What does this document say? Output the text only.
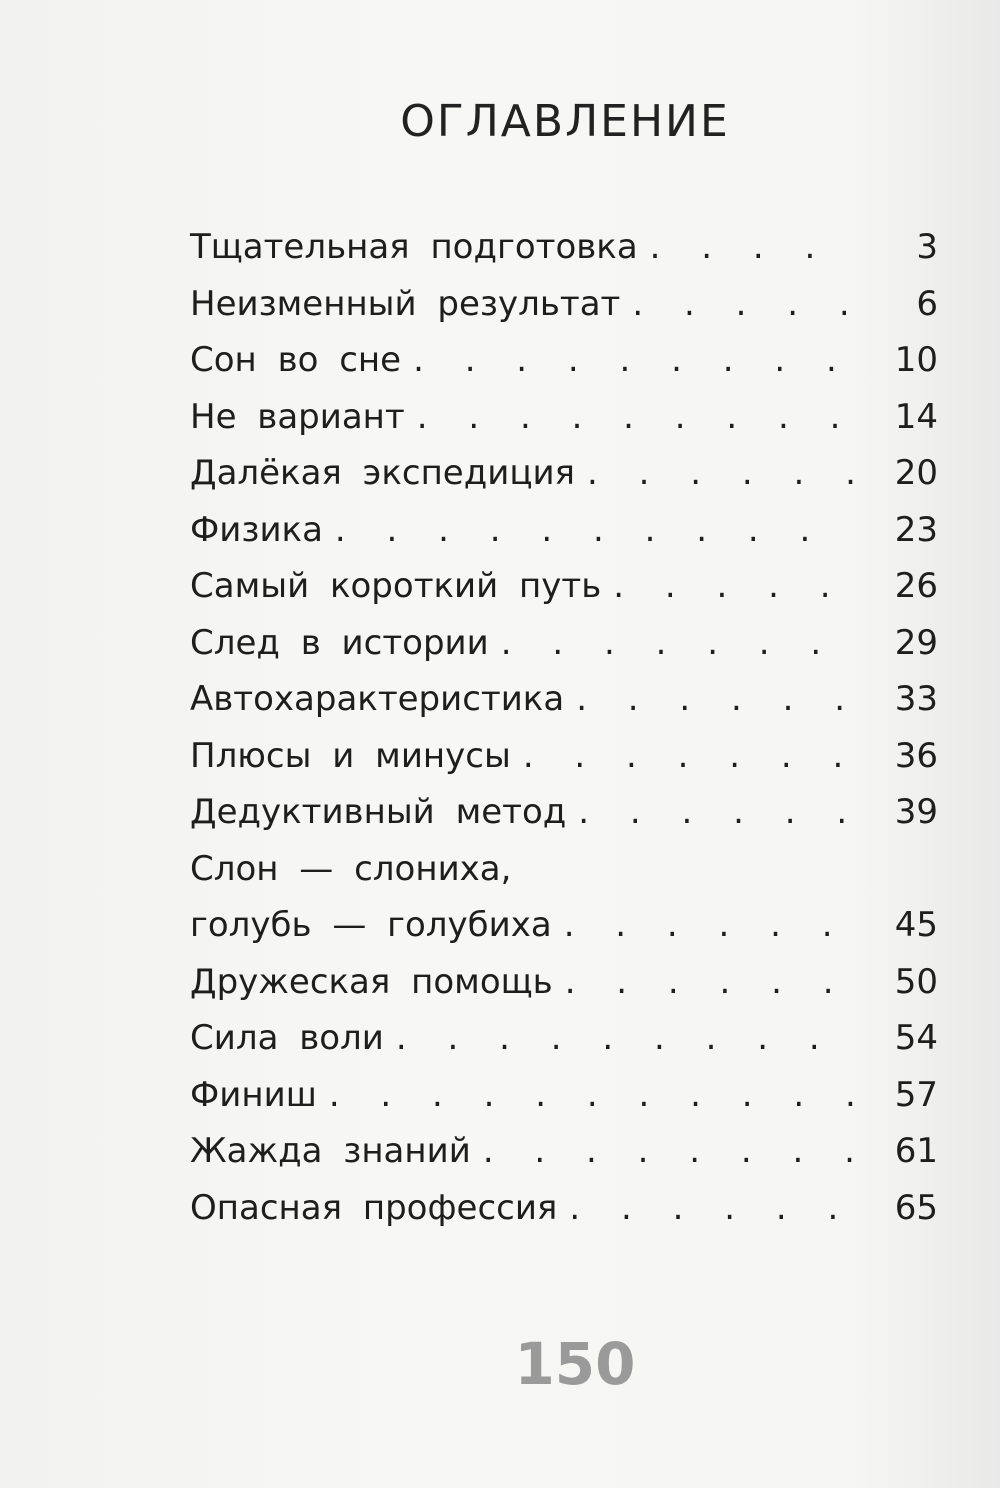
ОГЛАВЛЕНИЕ
Тщательная подготовка . . .	3
Неизменный результат . . .	6
Сон во сне . . .	10
Не вариант . . .	14
Далёкая экспедиция . . .	20
Физика . . .	23
Самый короткий путь . . .	26
След в истории . . .	29
Автохарактеристика . . .	33
Плюсы и минусы . . .	36
Дедуктивный метод . . .	39
Слон — слониха,
голубь — голубиха . . .	45
Дружеская помощь . . .	50
Сила воли . . .	54
Финиш . . .	57
Жажда знаний . . .	61
Опасная профессия . . .	65
150
